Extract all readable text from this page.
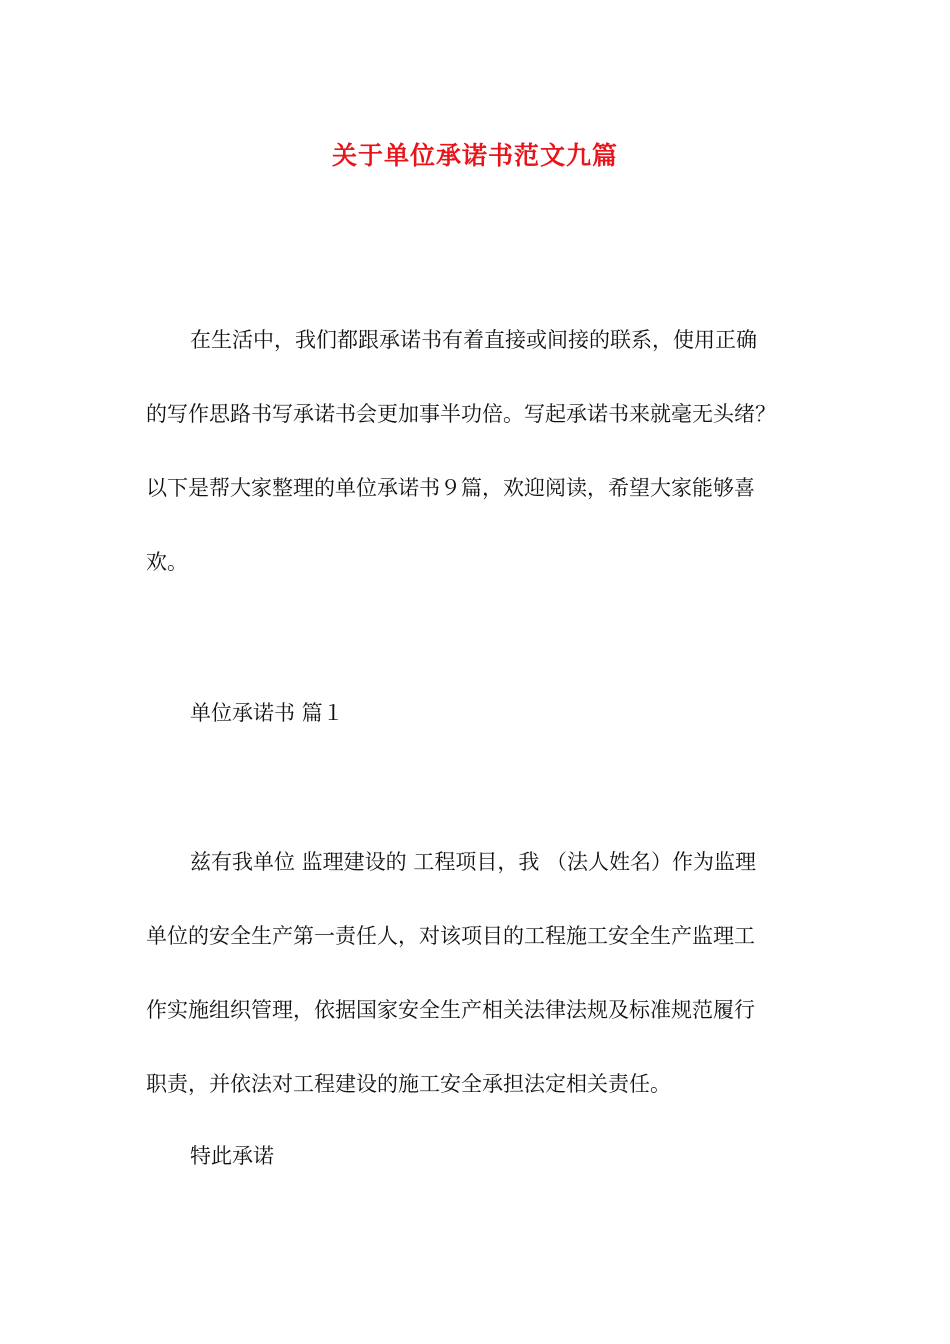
关于单位承诺书范文九篇
在生活中，我们都跟承诺书有着直接或间接的联系，使用正确
的写作思路书写承诺书会更加事半功倍。写起承诺书来就毫无头绪？
以下是帮大家整理的单位承诺书９篇，欢迎阅读，希望大家能够喜
欢。
单位承诺书 篇１
兹有我单位 监理建设的 工程项目，我 （法人姓名）作为监理
单位的安全生产第一责任人，对该项目的工程施工安全生产监理工
作实施组织管理，依据国家安全生产相关法律法规及标准规范履行
职责，并依法对工程建设的施工安全承担法定相关责任。
特此承诺
